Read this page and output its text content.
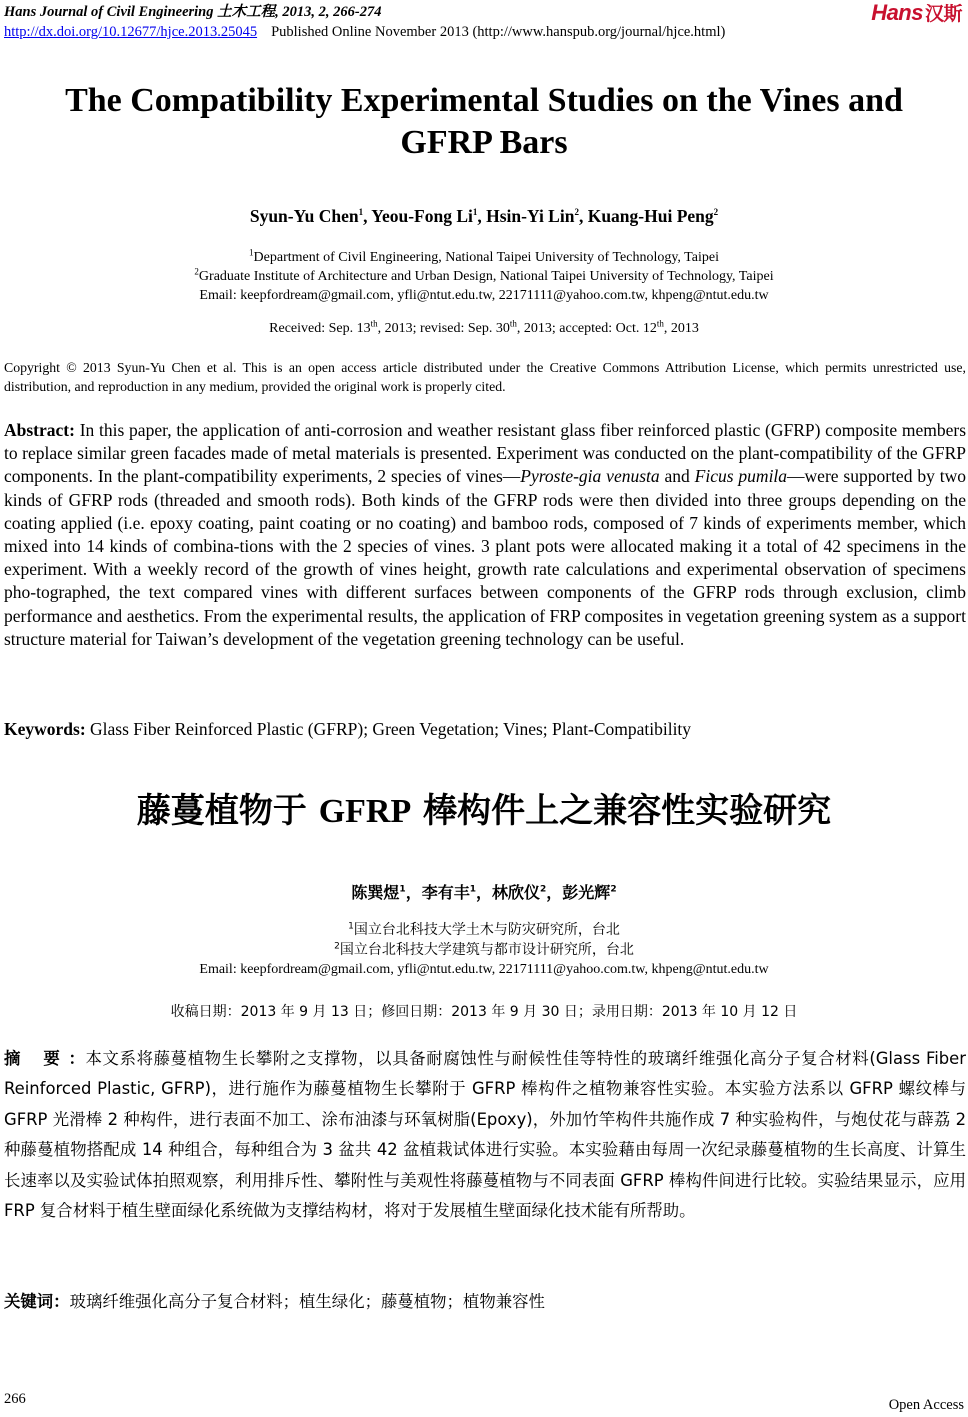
Hans Journal of Civil Engineering 土木工程, 2013, 2, 266-274
http://dx.doi.org/10.12677/hjce.2013.25045 Published Online November 2013 (http://www.hanspub.org/journal/hjce.html)
Hans 汉斯
The Compatibility Experimental Studies on the Vines and GFRP Bars
Syun-Yu Chen$^1$, Yeou-Fong Li$^1$, Hsin-Yi Lin$^2$, Kuang-Hui Peng$^2$
$^1$Department of Civil Engineering, National Taipei University of Technology, Taipei
$^2$Graduate Institute of Architecture and Urban Design, National Taipei University of Technology, Taipei
Email: keepfordream@gmail.com, yfli@ntut.edu.tw, 22171111@yahoo.com.tw, khpeng@ntut.edu.tw
Received: Sep. 13th, 2013; revised: Sep. 30th, 2013; accepted: Oct. 12th, 2013
Copyright © 2013 Syun-Yu Chen et al. This is an open access article distributed under the Creative Commons Attribution License, which permits unrestricted use, distribution, and reproduction in any medium, provided the original work is properly cited.
Abstract: In this paper, the application of anti-corrosion and weather resistant glass fiber reinforced plastic (GFRP) composite members to replace similar green facades made of metal materials is presented. Experiment was conducted on the plant-compatibility of the GFRP components. In the plant-compatibility experiments, 2 species of vines—Pyroste-gia venusta and Ficus pumila—were supported by two kinds of GFRP rods (threaded and smooth rods). Both kinds of the GFRP rods were then divided into three groups depending on the coating applied (i.e. epoxy coating, paint coating or no coating) and bamboo rods, composed of 7 kinds of experiments member, which mixed into 14 kinds of combina-tions with the 2 species of vines. 3 plant pots were allocated making it a total of 42 specimens in the experiment. With a weekly record of the growth of vines height, growth rate calculations and experimental observation of specimens pho-tographed, the text compared vines with different surfaces between components of the GFRP rods through exclusion, climb performance and aesthetics. From the experimental results, the application of FRP composites in vegetation greening system as a support structure material for Taiwan’s development of the vegetation greening technology can be useful.
Keywords: Glass Fiber Reinforced Plastic (GFRP); Green Vegetation; Vines; Plant-Compatibility
藤蔓植物于 GFRP 棒构件上之兼容性实验研究
陈巽煜$^1$，李有丰$^1$，林欣仪$^2$，彭光辉$^2$
$^1$国立台北科技大学土木与防灾研究所，台北
$^2$国立台北科技大学建筑与都市设计研究所，台北
Email: keepfordream@gmail.com, yfli@ntut.edu.tw, 22171111@yahoo.com.tw, khpeng@ntut.edu.tw
收稿日期：2013 年 9 月 13 日；修回日期：2013 年 9 月 30 日；录用日期：2013 年 10 月 12 日
摘 要：本文系将藤蔓植物生长攀附之支撑物，以具备耐腐蚀性与耐候性佳等特性的玻璃纤维强化高分子复合材料(Glass Fiber Reinforced Plastic, GFRP)，进行施作为藤蔓植物生长攀附于 GFRP 棒构件之植物兼容性实验。本实验方法系以 GFRP 螺纹棒与 GFRP 光滑棒 2 种构件，进行表面不加工、涂布油漆与环氧树脂(Epoxy)，外加竹竿构件共施作成 7 种实验构件，与炮仗花与薜荔 2 种藤蔓植物搭配成 14 种组合，每种组合为 3 盆共 42 盆植栽试体进行实验。本实验藉由每周一次纪录藤蔓植物的生长高度、计算生长速率以及实验试体拍照观察，利用排斥性、攀附性与美观性将藤蔓植物与不同表面 GFRP 棒构件间进行比较。实验结果显示，应用 FRP 复合材料于植生壁面绿化系统做为支撑结构材，将对于发展植生壁面绿化技术能有所帮助。
关键词：玻璃纤维强化高分子复合材料；植生绿化；藤蔓植物；植物兼容性
266	Open Access
